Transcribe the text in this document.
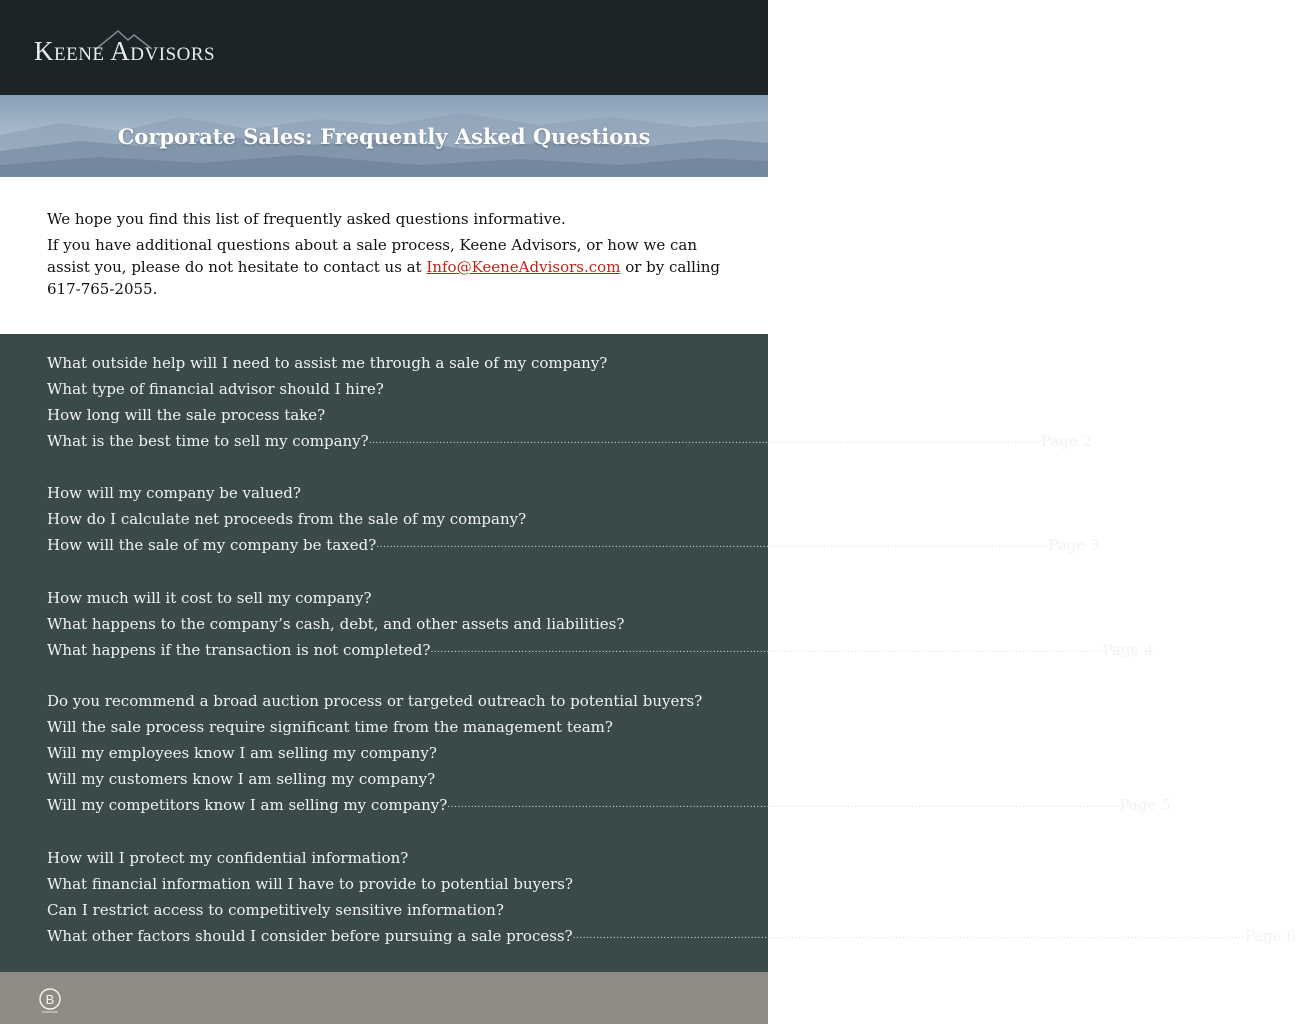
Keene Advisors
Corporate Sales: Frequently Asked Questions

We hope you find this list of frequently asked questions informative.

If you have additional questions about a sale process, Keene Advisors, or how we can assist you, please do not hesitate to contact us at Info@KeeneAdvisors.com or by calling 617-765-2055.

What outside help will I need to assist me through a sale of my company?
What type of financial advisor should I hire?
How long will the sale process take?
What is the best time to sell my company? ........................................................................................................................................................................................................ Page 2
How will my company be valued?
How do I calculate net proceeds from the sale of my company?
How will the sale of my company be taxed? ........................................................................................................................................................................................................ Page 3
How much will it cost to sell my company?
What happens to the company’s cash, debt, and other assets and liabilities?
What happens if the transaction is not completed? ........................................................................................................................................................................................................ Page 4
Do you recommend a broad auction process or targeted outreach to potential buyers?
Will the sale process require significant time from the management team?
Will my employees know I am selling my company?
Will my customers know I am selling my company?
Will my competitors know I am selling my company? ........................................................................................................................................................................................................ Page 5
How will I protect my confidential information?
What financial information will I have to provide to potential buyers?
Can I restrict access to competitively sensitive information?
What other factors should I consider before pursuing a sale process? ........................................................................................................................................................................................................ Page 6
B
